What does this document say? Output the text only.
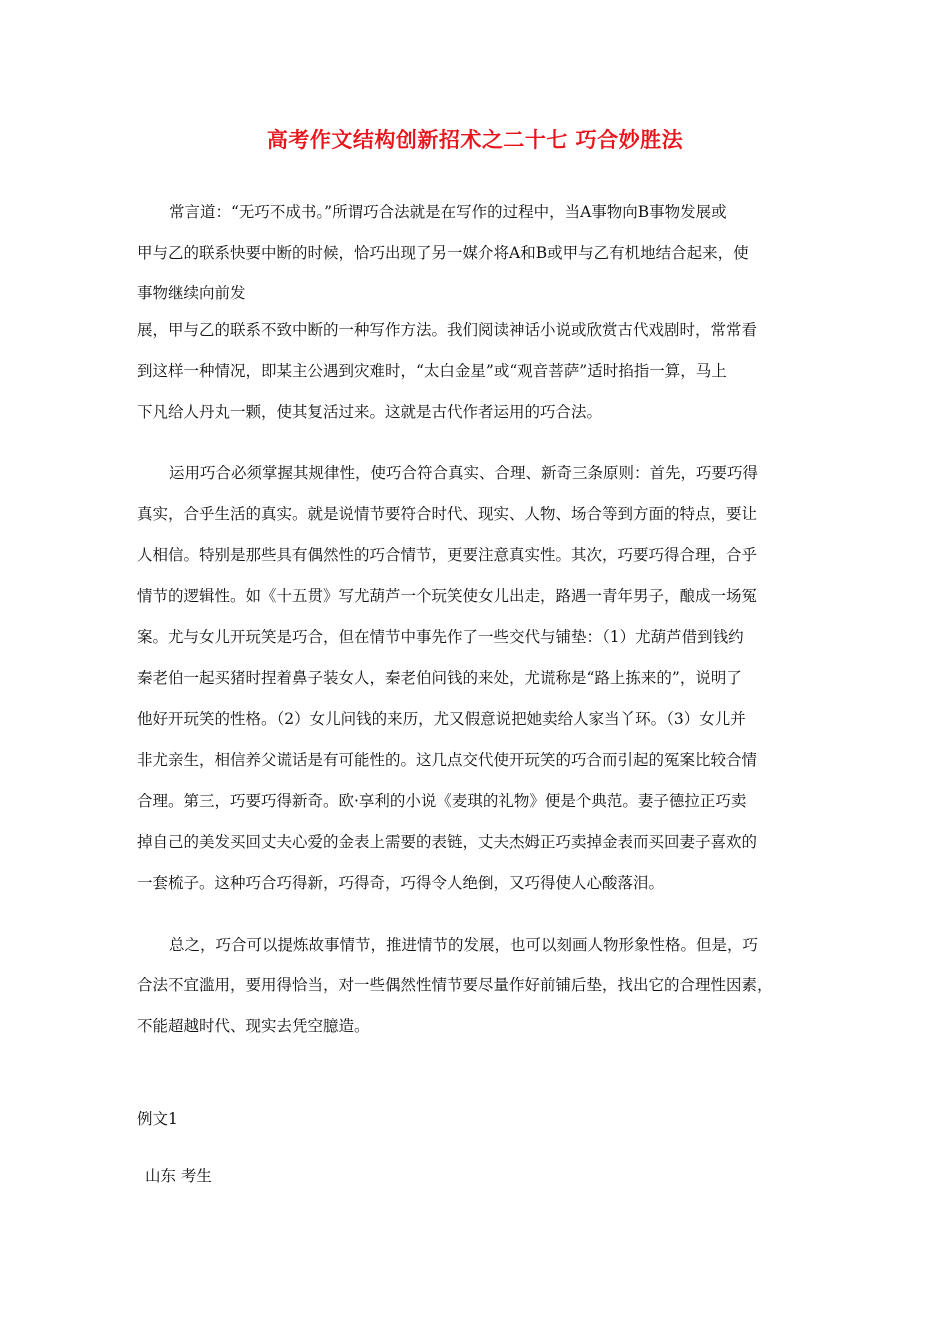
高考作文结构创新招术之二十七 巧合妙胜法
常言道：“无巧不成书。”所谓巧合法就是在写作的过程中，当A事物向B事物发展或
甲与乙的联系快要中断的时候，恰巧出现了另一媒介将A和B或甲与乙有机地结合起来，使
事物继续向前发
展，甲与乙的联系不致中断的一种写作方法。我们阅读神话小说或欣赏古代戏剧时，常常看
到这样一种情况，即某主公遇到灾难时，“太白金星”或“观音菩萨”适时掐指一算，马上
下凡给人丹丸一颗，使其复活过来。这就是古代作者运用的巧合法。
运用巧合必须掌握其规律性，使巧合符合真实、合理、新奇三条原则：首先，巧要巧得
真实，合乎生活的真实。就是说情节要符合时代、现实、人物、场合等到方面的特点，要让
人相信。特别是那些具有偶然性的巧合情节，更要注意真实性。其次，巧要巧得合理，合乎
情节的逻辑性。如《十五贯》写尤葫芦一个玩笑使女儿出走，路遇一青年男子，酿成一场冤
案。尤与女儿开玩笑是巧合，但在情节中事先作了一些交代与铺垫：（1）尤葫芦借到钱约
秦老伯一起买猪时捏着鼻子装女人，秦老伯问钱的来处，尤谎称是“路上拣来的”，说明了
他好开玩笑的性格。（2）女儿问钱的来历，尤又假意说把她卖给人家当丫环。（3）女儿并
非尤亲生，相信养父谎话是有可能性的。这几点交代使开玩笑的巧合而引起的冤案比较合情
合理。第三，巧要巧得新奇。欧·享利的小说《麦琪的礼物》便是个典范。妻子德拉正巧卖
掉自己的美发买回丈夫心爱的金表上需要的表链，丈夫杰姆正巧卖掉金表而买回妻子喜欢的
一套梳子。这种巧合巧得新，巧得奇，巧得令人绝倒，又巧得使人心酸落泪。
总之，巧合可以提炼故事情节，推进情节的发展，也可以刻画人物形象性格。但是，巧
合法不宜滥用，要用得恰当，对一些偶然性情节要尽量作好前铺后垫，找出它的合理性因素，
不能超越时代、现实去凭空臆造。
例文1
山东 考生
